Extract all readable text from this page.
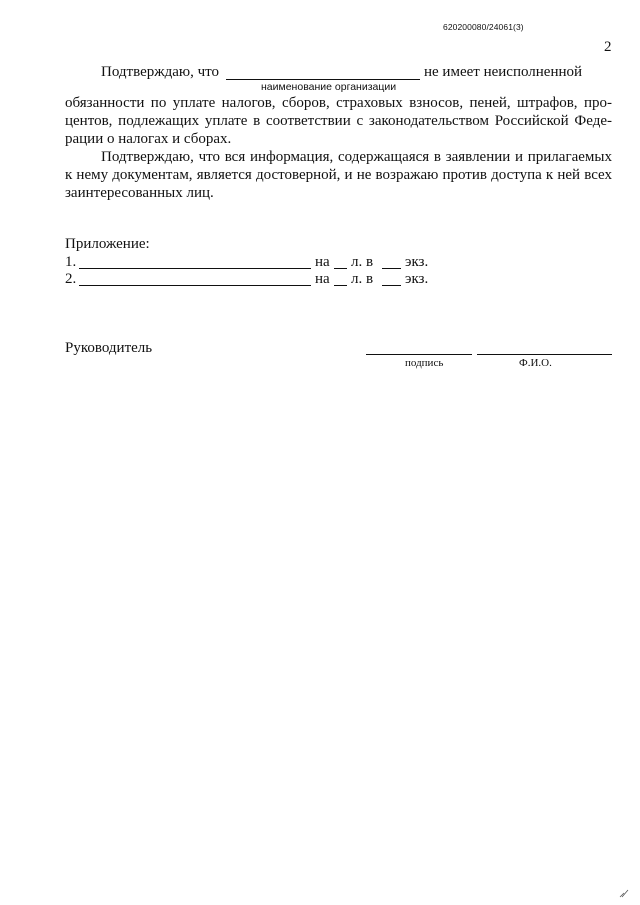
620200080/24061(3)
2
Подтверждаю, что	не имеет неисполненной
наименование организации
обязанности по уплате налогов, сборов, страховых взносов, пеней, штрафов, про-
центов, подлежащих уплате в соответствии с законодательством Российской Феде-
рации о налогах и сборах.
Подтверждаю, что вся информация, содержащаяся в заявлении и прилагаемых
к нему документам, является достоверной, и не возражаю против доступа к ней всех
заинтересованных лиц.
Приложение:
1.	на л. в экз.
2.	на л. в экз.
Руководитель
подпись	Ф.И.О.
